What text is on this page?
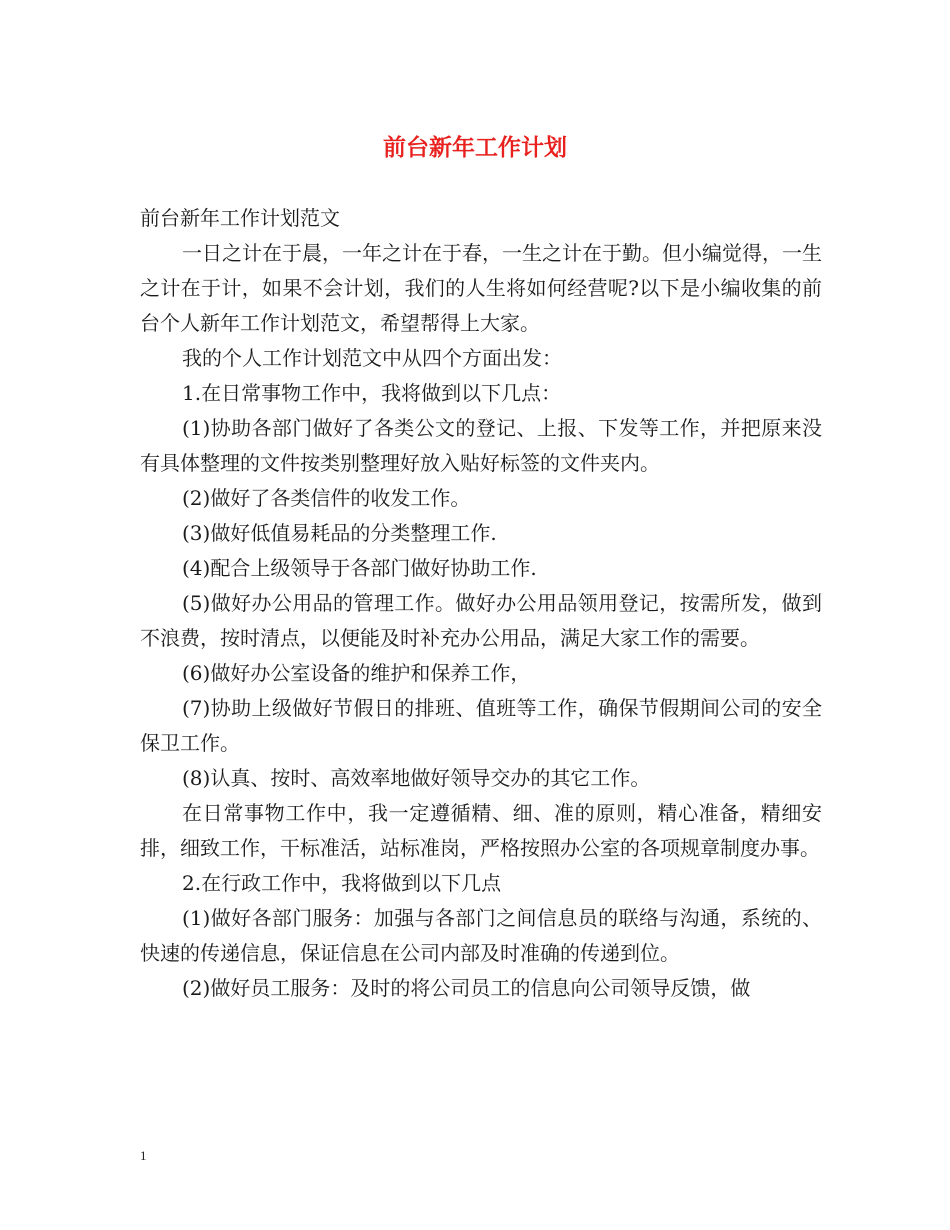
前台新年工作计划

前台新年工作计划范文

一日之计在于晨，一年之计在于春，一生之计在于勤。但小编觉得，一生之计在于计，如果不会计划，我们的人生将如何经营呢?以下是小编收集的前台个人新年工作计划范文，希望帮得上大家。

我的个人工作计划范文中从四个方面出发：

1.在日常事物工作中，我将做到以下几点：

(1)协助各部门做好了各类公文的登记、上报、下发等工作，并把原来没有具体整理的文件按类别整理好放入贴好标签的文件夹内。

(2)做好了各类信件的收发工作。

(3)做好低值易耗品的分类整理工作.

(4)配合上级领导于各部门做好协助工作.

(5)做好办公用品的管理工作。做好办公用品领用登记，按需所发，做到不浪费，按时清点，以便能及时补充办公用品，满足大家工作的需要。

(6)做好办公室设备的维护和保养工作，

(7)协助上级做好节假日的排班、值班等工作，确保节假期间公司的安全保卫工作。

(8)认真、按时、高效率地做好领导交办的其它工作。

在日常事物工作中，我一定遵循精、细、准的原则，精心准备，精细安排，细致工作，干标准活，站标准岗，严格按照办公室的各项规章制度办事。

2.在行政工作中，我将做到以下几点

(1)做好各部门服务：加强与各部门之间信息员的联络与沟通，系统的、快速的传递信息，保证信息在公司内部及时准确的传递到位。

(2)做好员工服务：及时的将公司员工的信息向公司领导反馈，做

1
